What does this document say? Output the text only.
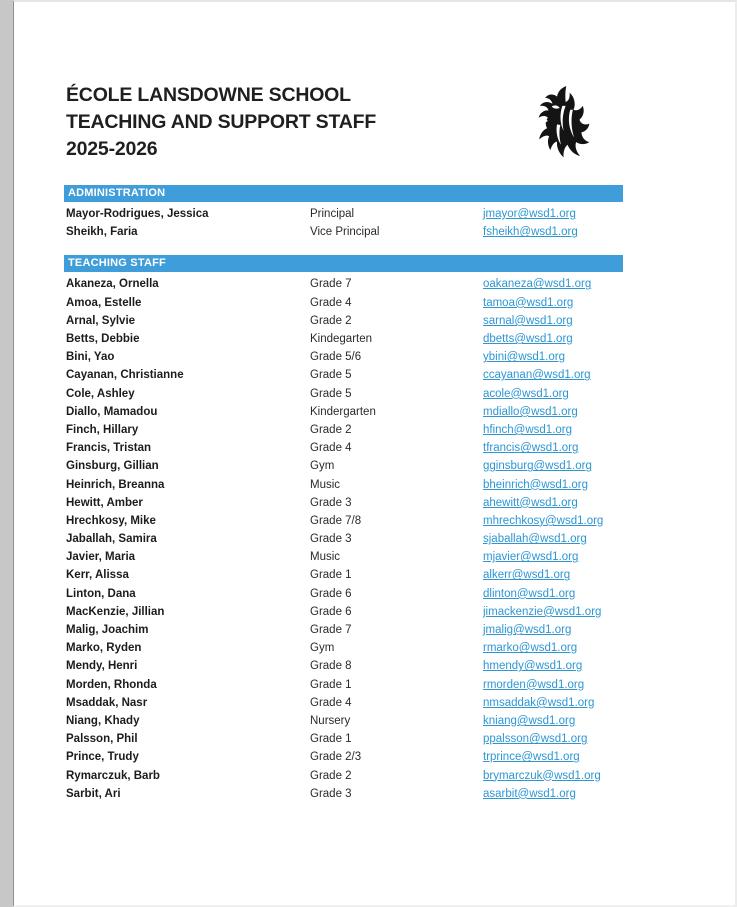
ÉCOLE LANSDOWNE SCHOOL
TEACHING AND SUPPORT STAFF
2025-2026
ADMINISTRATION
Mayor-Rodrigues, Jessica	Principal	jmayor@wsd1.org
Sheikh, Faria	Vice Principal	fsheikh@wsd1.org
TEACHING STAFF
Akaneza, Ornella	Grade 7	oakaneza@wsd1.org
Amoa, Estelle	Grade 4	tamoa@wsd1.org
Arnal, Sylvie	Grade 2	sarnal@wsd1.org
Betts, Debbie	Kindegarten	dbetts@wsd1.org
Bini, Yao	Grade 5/6	ybini@wsd1.org
Cayanan, Christianne	Grade 5	ccayanan@wsd1.org
Cole, Ashley	Grade 5	acole@wsd1.org
Diallo, Mamadou	Kindergarten	mdiallo@wsd1.org
Finch, Hillary	Grade 2	hfinch@wsd1.org
Francis, Tristan	Grade 4	tfrancis@wsd1.org
Ginsburg, Gillian	Gym	gginsburg@wsd1.org
Heinrich, Breanna	Music	bheinrich@wsd1.org
Hewitt, Amber	Grade 3	ahewitt@wsd1.org
Hrechkosy, Mike	Grade 7/8	mhrechkosy@wsd1.org
Jaballah, Samira	Grade 3	sjaballah@wsd1.org
Javier, Maria	Music	mjavier@wsd1.org
Kerr, Alissa	Grade 1	alkerr@wsd1.org
Linton, Dana	Grade 6	dlinton@wsd1.org
MacKenzie, Jillian	Grade 6	jimackenzie@wsd1.org
Malig, Joachim	Grade 7	jmalig@wsd1.org
Marko, Ryden	Gym	rmarko@wsd1.org
Mendy, Henri	Grade 8	hmendy@wsd1.org
Morden, Rhonda	Grade 1	rmorden@wsd1.org
Msaddak, Nasr	Grade 4	nmsaddak@wsd1.org
Niang, Khady	Nursery	kniang@wsd1.org
Palsson, Phil	Grade 1	ppalsson@wsd1.org
Prince, Trudy	Grade 2/3	trprince@wsd1.org
Rymarczuk, Barb	Grade 2	brymarczuk@wsd1.org
Sarbit, Ari	Grade 3	asarbit@wsd1.org
